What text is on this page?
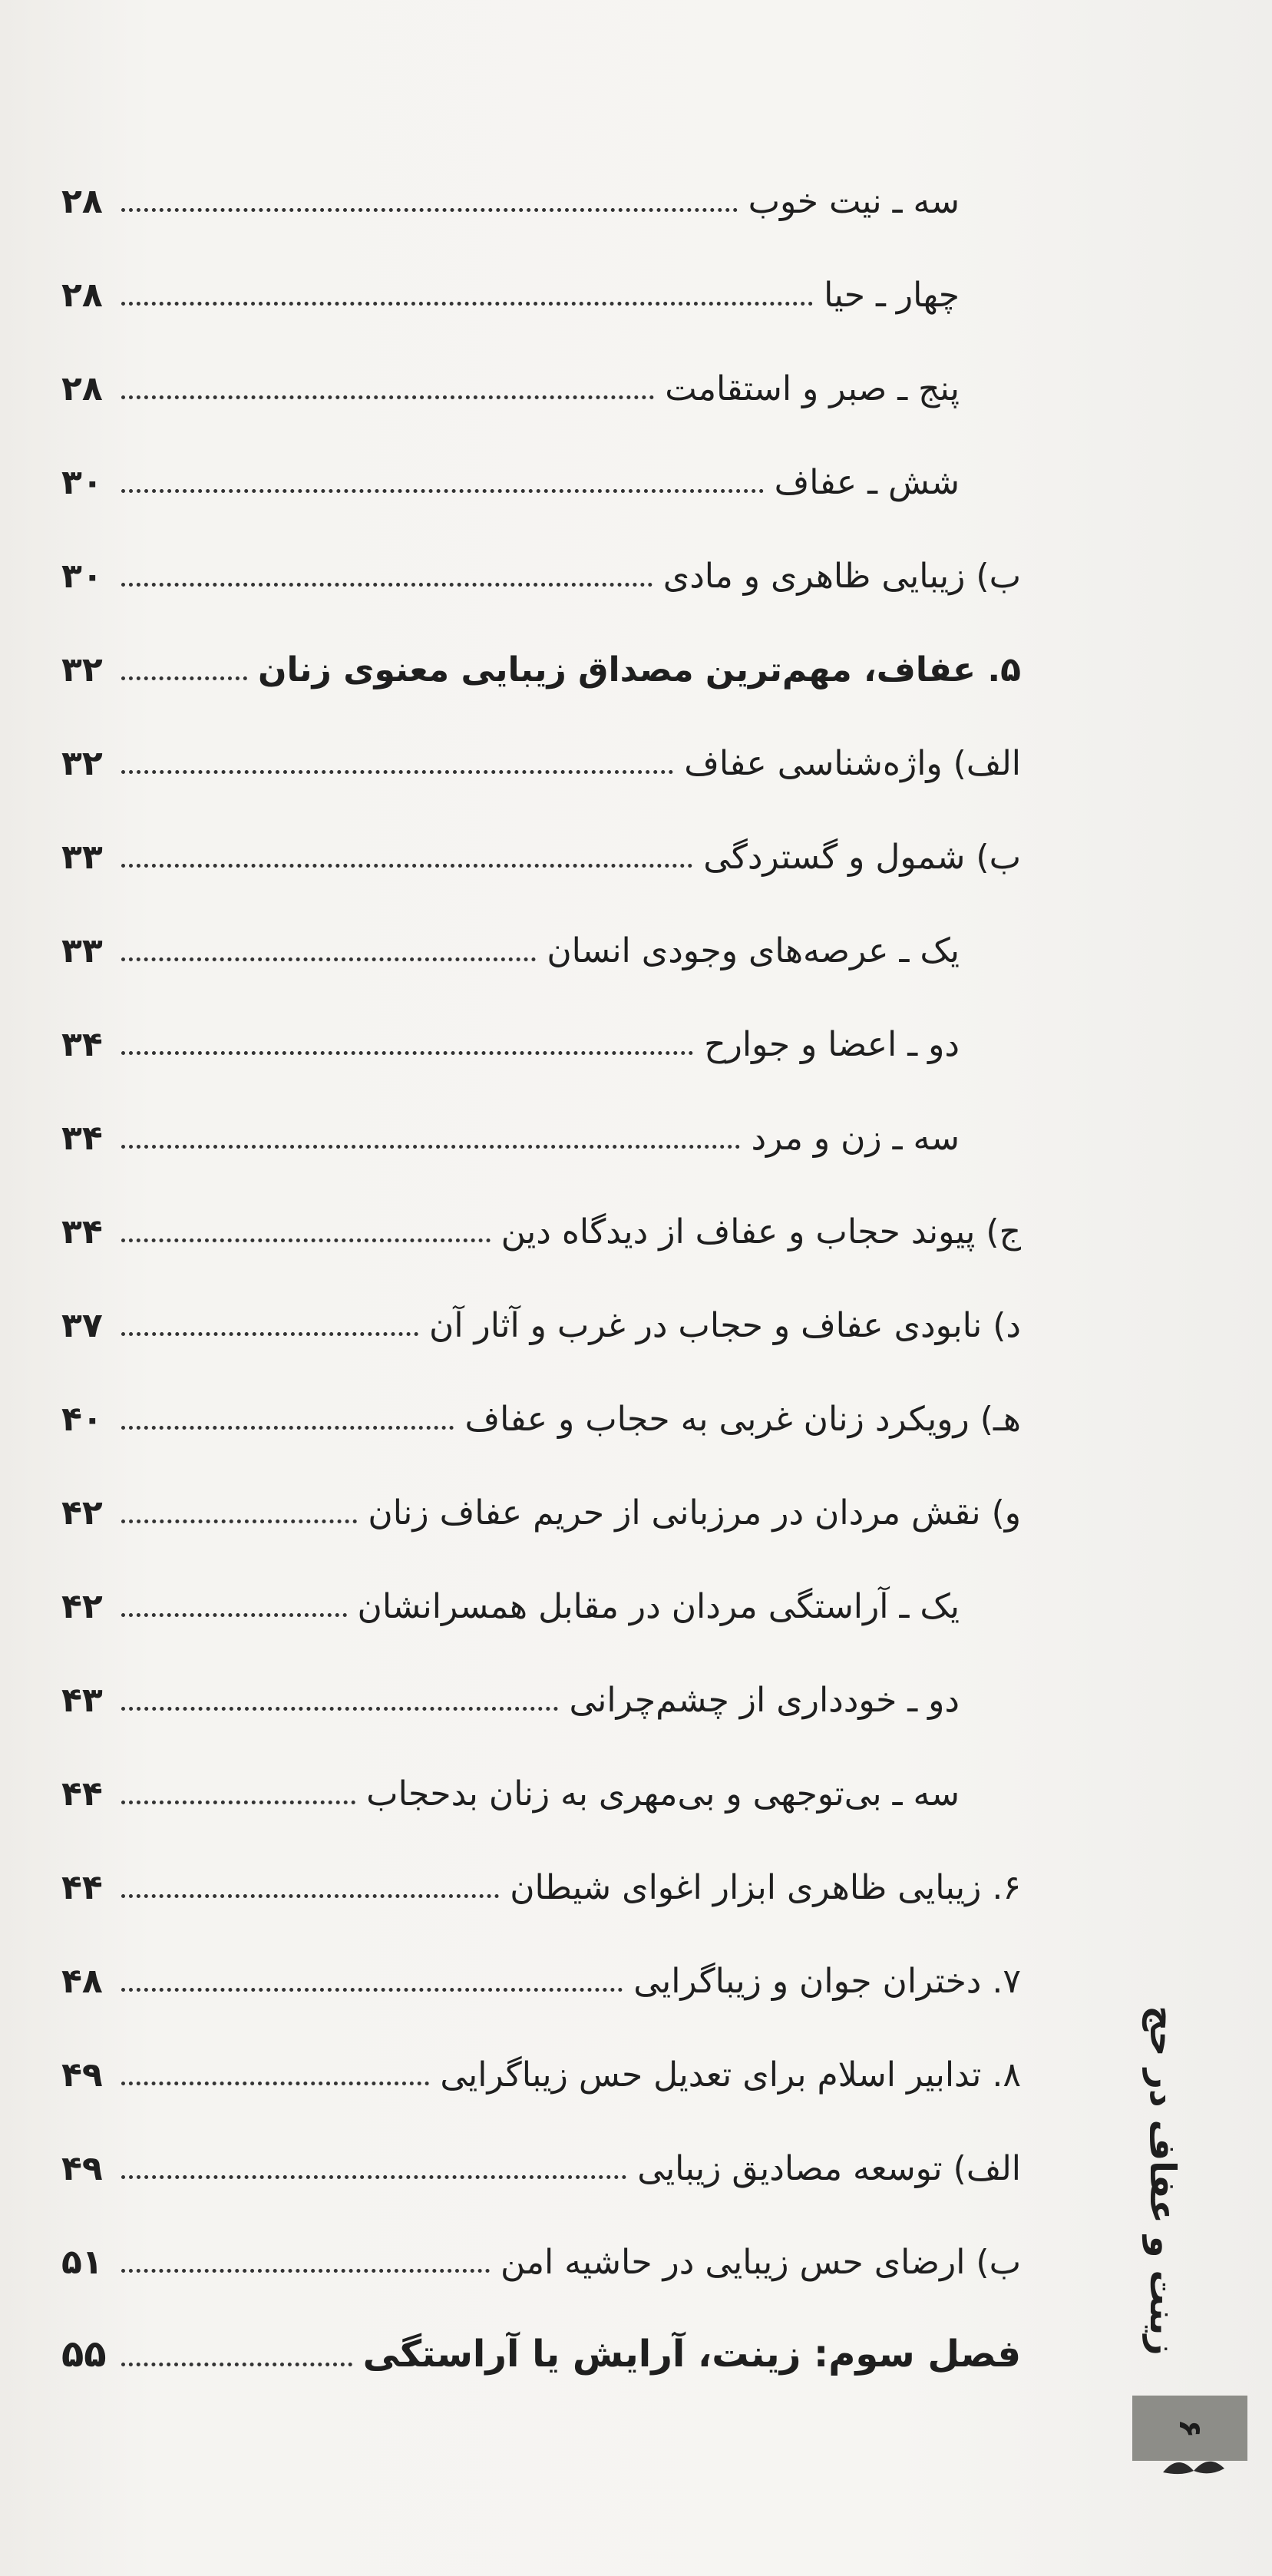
سه ـ نیت خوب
۲۸
چهار ـ حیا
۲۸
پنج ـ صبر و استقامت
۲۸
شش ـ عفاف
۳۰
ب) زیبایی ظاهری و مادی
۳۰
۵. عفاف، مهم‌ترین مصداق زیبایی معنوی زنان
۳۲
الف) واژه‌شناسی عفاف
۳۲
ب) شمول و گستردگی
۳۳
یک ـ عرصه‌های وجودی انسان
۳۳
دو ـ اعضا و جوارح
۳۴
سه ـ زن و مرد
۳۴
ج) پیوند حجاب و عفاف از دیدگاه دین
۳۴
د) نابودی عفاف و حجاب در غرب و آثار آن
۳۷
هـ) رویکرد زنان غربی به حجاب و عفاف
۴۰
و) نقش مردان در مرزبانی از حریم عفاف زنان
۴۲
یک ـ آراستگی مردان در مقابل همسرانشان
۴۲
دو ـ خودداری از چشم‌چرانی
۴۳
سه ـ بی‌توجهی و بی‌مهری به زنان بدحجاب
۴۴
۶. زیبایی ظاهری ابزار اغوای شیطان
۴۴
۷. دختران جوان و زیباگرایی
۴۸
۸. تدابیر اسلام برای تعدیل حس زیباگرایی
۴۹
الف) توسعه مصادیق زیبایی
۴۹
ب) ارضای حس زیبایی در حاشیه امن
۵۱
فصل سوم: زینت، آرایش یا آراستگی
۵۵	زینت و عفاف در حج
۶
